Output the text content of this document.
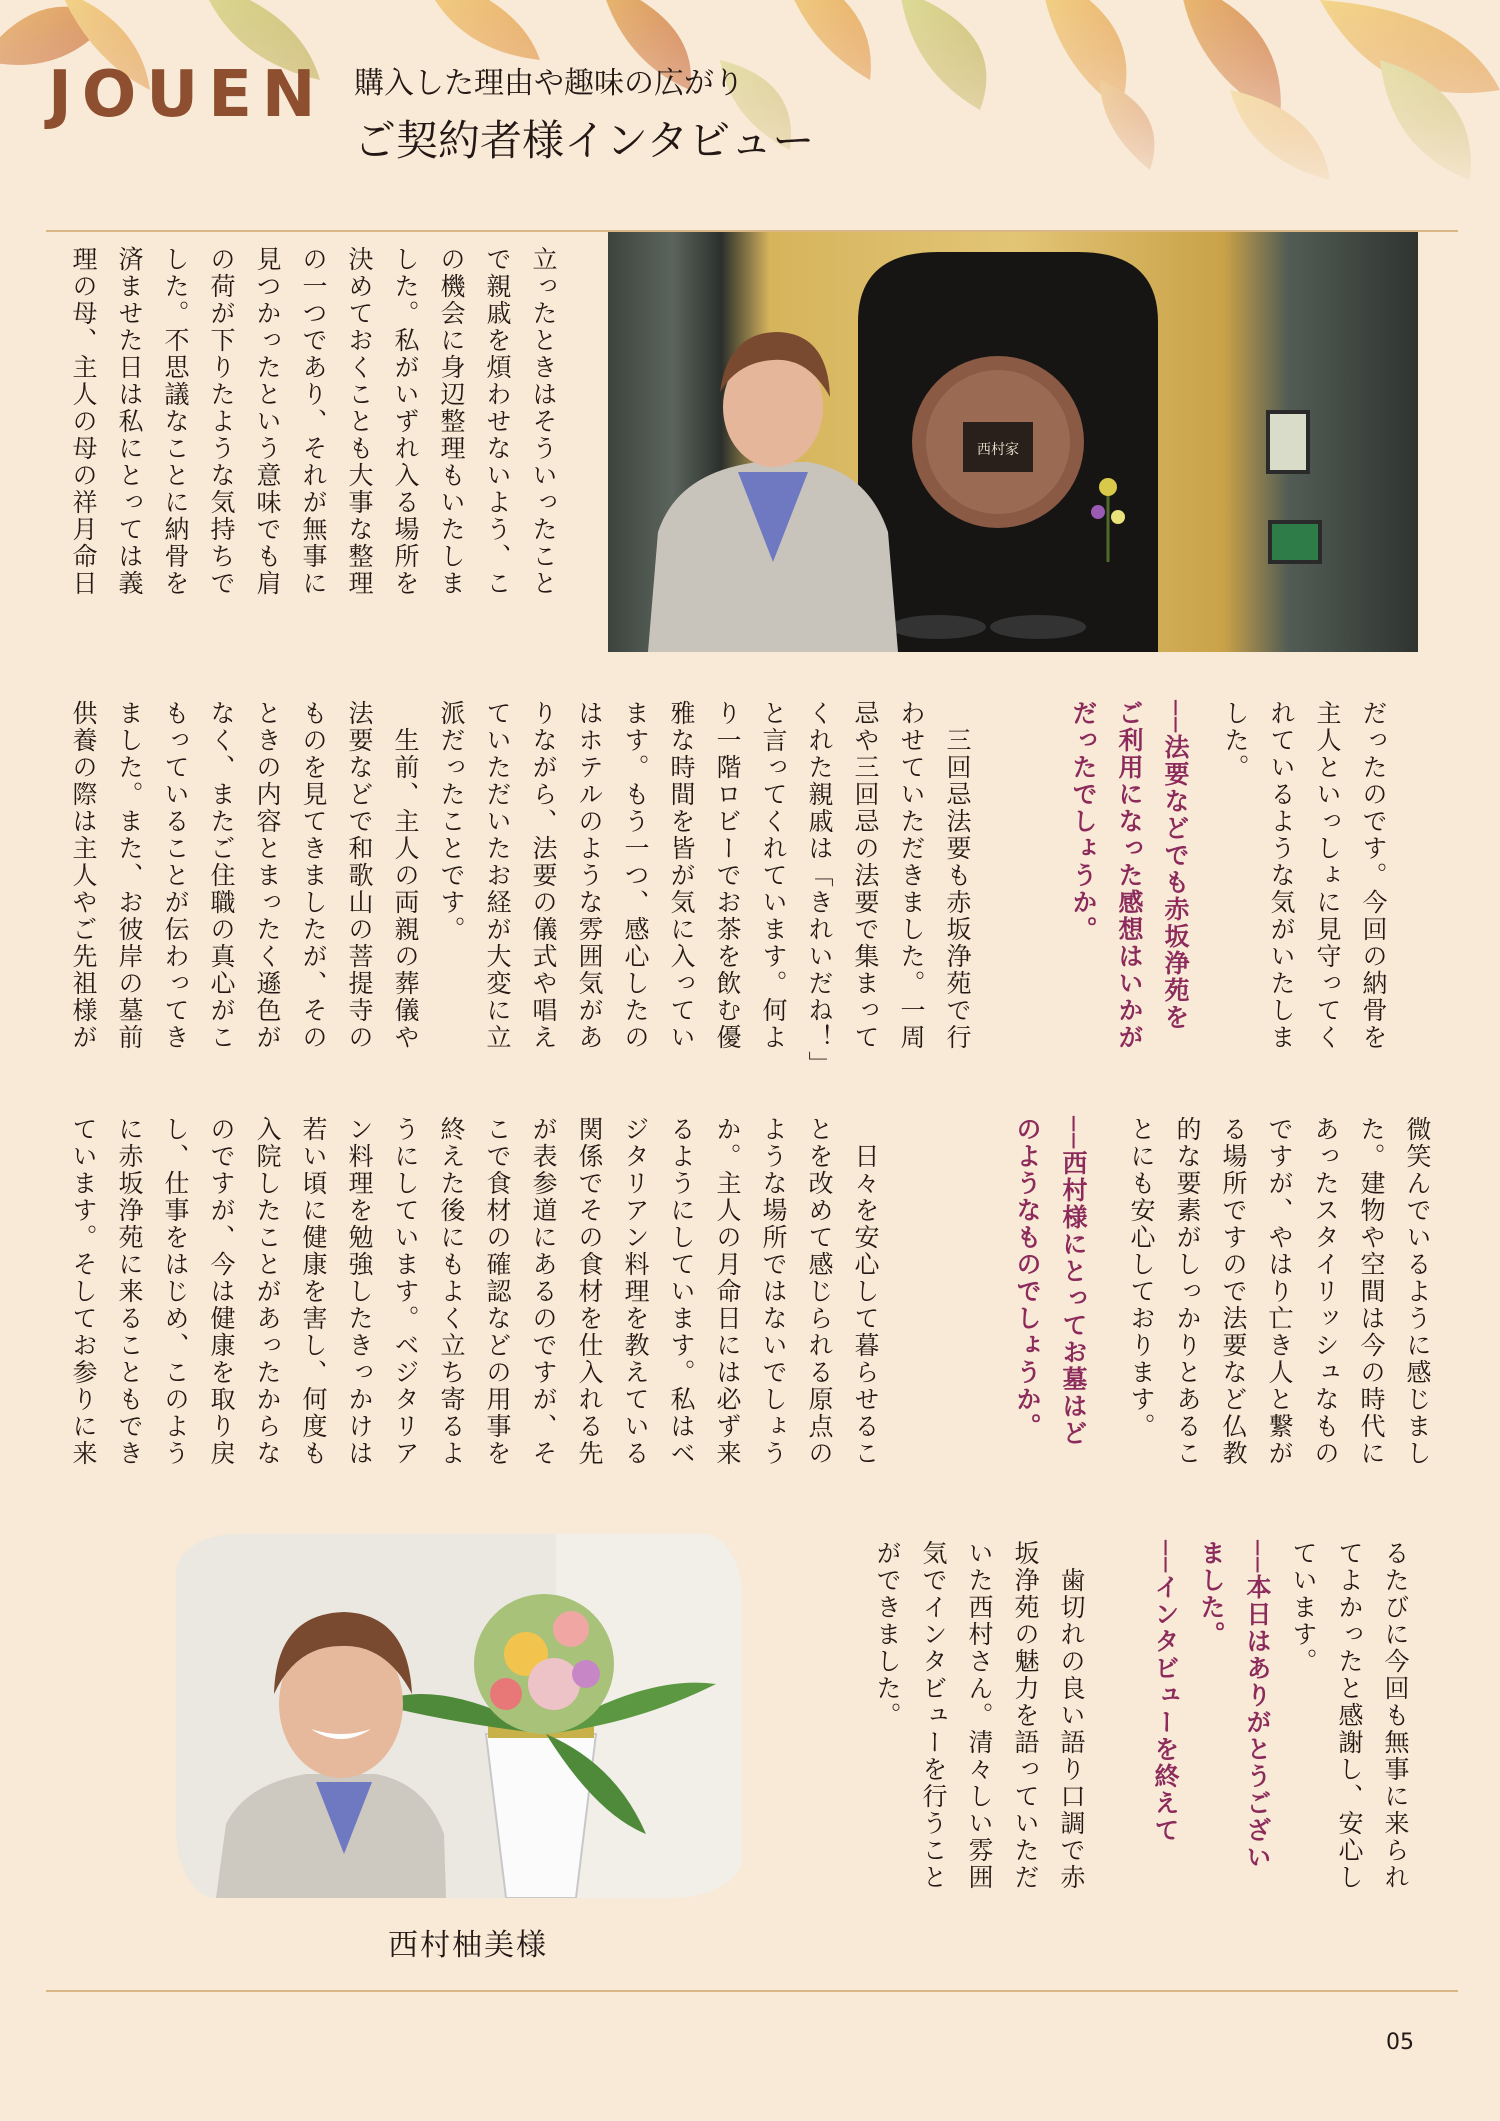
JOUEN 購入した理由や趣味の広がり
ご契約者様インタビュー
西村家

立ったときはそういったこと
で親戚を煩わせないよう、こ
の機会に身辺整理もいたしま
した。私がいずれ入る場所を
決めておくことも大事な整理
の一つであり、それが無事に
見つかったという意味でも肩
の荷が下りたような気持ちで
した。不思議なことに納骨を
済ませた日は私にとっては義
理の母、主人の母の祥月命日

だったのです。今回の納骨を
主人といっしょに見守ってく
れているような気がいたしま
した。

──法要などでも赤坂浄苑を
ご利用になった感想はいかが
だったでしょうか。

　三回忌法要も赤坂浄苑で行
わせていただきました。一周
忌や三回忌の法要で集まって
くれた親戚は「きれいだね！」
と言ってくれています。何よ
り一階ロビーでお茶を飲む優
雅な時間を皆が気に入ってい
ます。もう一つ、感心したの
はホテルのような雰囲気があ
りながら、法要の儀式や唱え
ていただいたお経が大変に立
派だったことです。
　生前、主人の両親の葬儀や
法要などで和歌山の菩提寺の
ものを見てきましたが、その
ときの内容とまったく遜色が
なく、またご住職の真心がこ
もっていることが伝わってき
ました。また、お彼岸の墓前
供養の際は主人やご先祖様が

微笑んでいるように感じまし
た。建物や空間は今の時代に
あったスタイリッシュなもの
ですが、やはり亡き人と繋が
る場所ですので法要など仏教
的な要素がしっかりとあるこ
とにも安心しております。

──西村様にとってお墓はど
のようなものでしょうか。

　日々を安心して暮らせるこ
とを改めて感じられる原点の
ような場所ではないでしょう
か。主人の月命日には必ず来
るようにしています。私はベ
ジタリアン料理を教えている
関係でその食材を仕入れる先
が表参道にあるのですが、そ
こで食材の確認などの用事を
終えた後にもよく立ち寄るよ
うにしています。ベジタリア
ン料理を勉強したきっかけは
若い頃に健康を害し、何度も
入院したことがあったからな
のですが、今は健康を取り戻
し、仕事をはじめ、このよう
に赤坂浄苑に来ることもでき
ています。そしてお参りに来

るたびに今回も無事に来られ
てよかったと感謝し、安心し
ています。

──本日はありがとうござい
ました。

──インタビューを終えて

　歯切れの良い語り口調で赤
坂浄苑の魅力を語っていただ
いた西村さん。清々しい雰囲
気でインタビューを行うこと
ができました。

西村柚美様
05
